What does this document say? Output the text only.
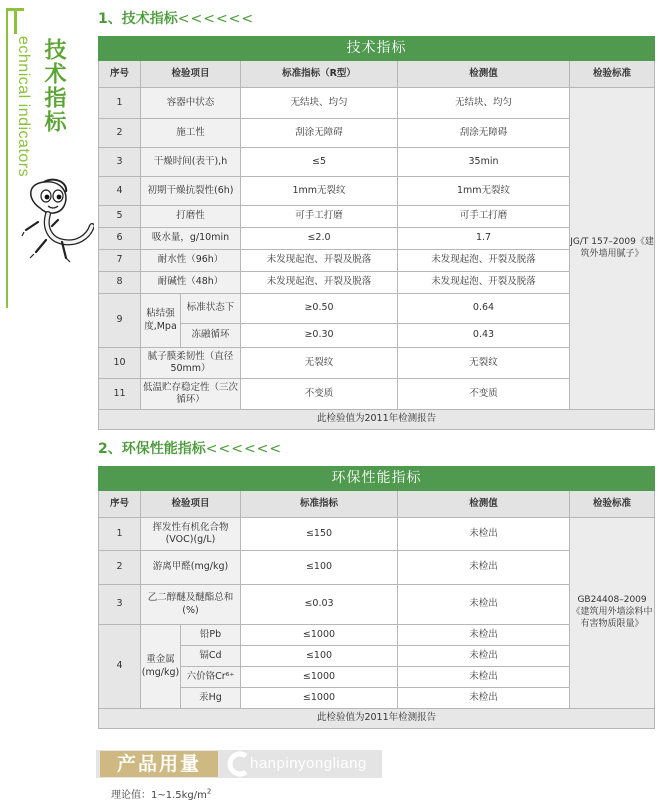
echnical indicators 技术指标
1、技术指标<<<<<<
技术指标					
序号	检验项目		标准指标（R型）	检测值	检验标准
1	容器中状态		无结块、均匀	无结块、均匀	JG/T 157–2009《建筑外墙用腻子》
2	施工性		刮涂无障碍	刮涂无障碍	
3	干燥时间(表干),h		≤5	35min	
4	初期干燥抗裂性(6h)		1mm无裂纹	1mm无裂纹	
5	打磨性		可手工打磨	可手工打磨	
6	吸水量，g/10min		≤2.0	1.7	
7	耐水性（96h）		未发现起泡、开裂及脱落	未发现起泡、开裂及脱落	
8	耐碱性（48h）		未发现起泡、开裂及脱落	未发现起泡、开裂及脱落	
9	粘结强度,Mpa	标准状态下	≥0.50	0.64	
		冻融循环	≥0.30	0.43	
10	腻子膜柔韧性（直径50mm）		无裂纹	无裂纹	
11	低温贮存稳定性（三次循环）		不变质	不变质	
此检验值为2011年检测报告					
2、环保性能指标<<<<<<
环保性能指标					
序号	检验项目		标准指标	检测值	检验标准
1	挥发性有机化合物(VOC)(g/L)		≤150	未检出	GB24408–2009《建筑用外墙涂料中有害物质限量》
2	游离甲醛(mg/kg)		≤100	未检出	
3	乙二醇醚及醚酯总和(%)		≤0.03	未检出	
4	重金属(mg/kg)	铅Pb	≤1000	未检出	
		镉Cd	≤100	未检出	
		六价铬Cr⁶⁺	≤1000	未检出	
		汞Hg	≤1000	未检出	
此检验值为2011年检测报告					
产品用量	hanpinyongliang
理论值：$1\sim 1.5kg/m^2$
